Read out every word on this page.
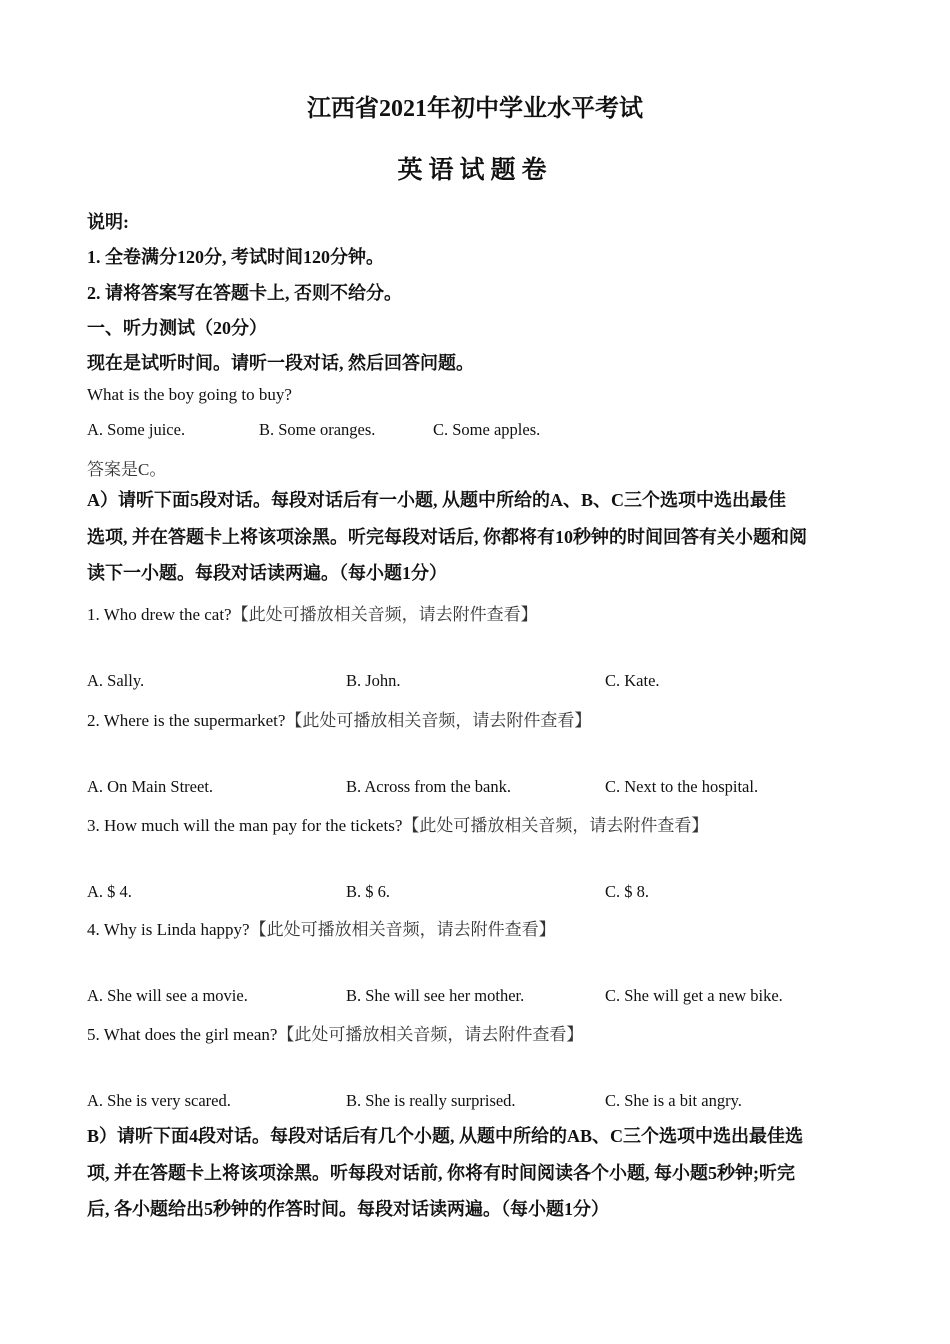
江西省2021年初中学业水平考试
英语试题卷
说明:
1. 全卷满分120分, 考试时间120分钟。
2. 请将答案写在答题卡上, 否则不给分。
一、听力测试（20分）
现在是试听时间。请听一段对话, 然后回答问题。
What is the boy going to buy?
A. Some juice.	B. Some oranges.	C. Some apples.
答案是C。
A）请听下面5段对话。每段对话后有一小题, 从题中所给的A、B、C三个选项中选出最佳
选项, 并在答题卡上将该项涂黑。听完每段对话后, 你都将有10秒钟的时间回答有关小题和阅
读下一小题。每段对话读两遍。（每小题1分）
1. Who drew the cat?【此处可播放相关音频，请去附件查看】
A. Sally.	B. John.	C. Kate.
2. Where is the supermarket?【此处可播放相关音频，请去附件查看】
A. On Main Street.	B. Across from the bank.	C. Next to the hospital.
3. How much will the man pay for the tickets?【此处可播放相关音频，请去附件查看】
A. $ 4.	B. $ 6.	C. $ 8.
4. Why is Linda happy?【此处可播放相关音频，请去附件查看】
A. She will see a movie.	B. She will see her mother.	C. She will get a new bike.
5. What does the girl mean?【此处可播放相关音频，请去附件查看】
A. She is very scared.	B. She is really surprised.	C. She is a bit angry.
B）请听下面4段对话。每段对话后有几个小题, 从题中所给的AB、C三个选项中选出最佳选
项, 并在答题卡上将该项涂黑。听每段对话前, 你将有时间阅读各个小题, 每小题5秒钟;听完
后, 各小题给出5秒钟的作答时间。每段对话读两遍。（每小题1分）
